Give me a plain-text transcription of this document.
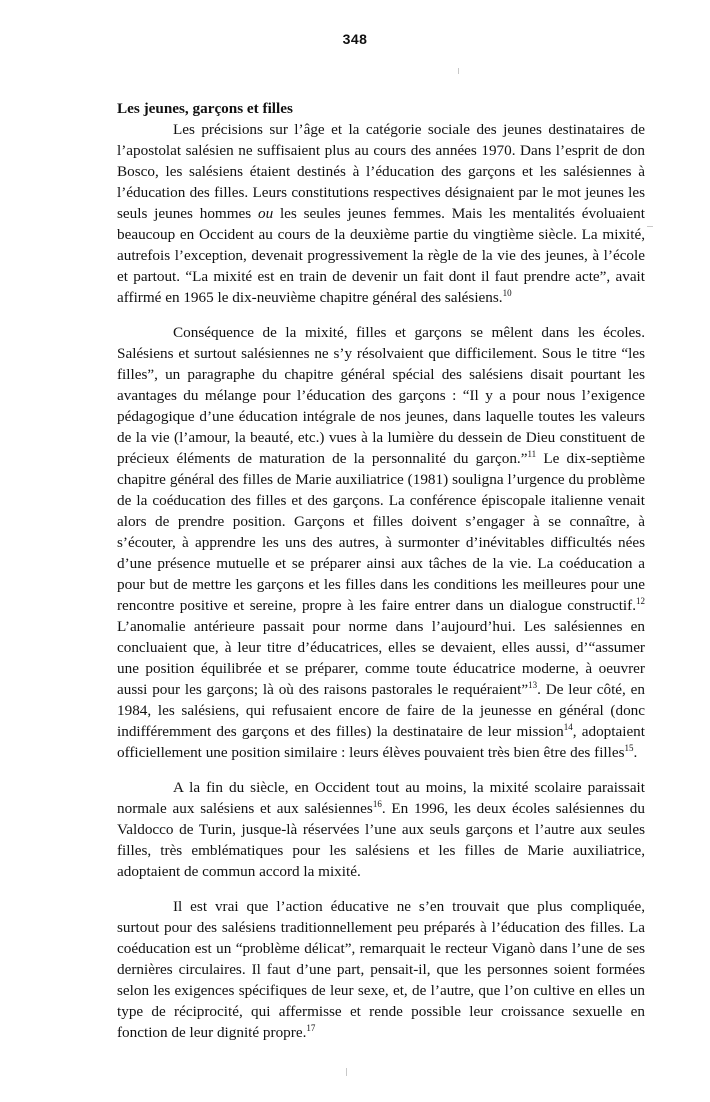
348

Les jeunes, garçons et filles

Les précisions sur l’âge et la catégorie sociale des jeunes destinataires de l’apostolat salésien ne suffisaient plus au cours des années 1970. Dans l’esprit de don Bosco, les salésiens étaient destinés à l’éducation des garçons et les salésiennes à l’éducation des filles. Leurs constitutions respectives désignaient par le mot jeunes les seuls jeunes hommes ou les seules jeunes femmes. Mais les mentalités évoluaient beaucoup en Occident au cours de la deuxième partie du vingtième siècle. La mixité, autrefois l’exception, devenait progressivement la règle de la vie des jeunes, à l’école et partout. “La mixité est en train de devenir un fait dont il faut prendre acte”, avait affirmé en 1965 le dix-neuvième chapitre général des salésiens.$^{10}$

Conséquence de la mixité, filles et garçons se mêlent dans les écoles. Salésiens et surtout salésiennes ne s’y résolvaient que difficilement. Sous le titre “les filles”, un paragraphe du chapitre général spécial des salésiens disait pourtant les avantages du mélange pour l’éducation des garçons : “Il y a pour nous l’exigence pédagogique d’une éducation intégrale de nos jeunes, dans laquelle toutes les valeurs de la vie (l’amour, la beauté, etc.) vues à la lumière du dessein de Dieu constituent de précieux éléments de maturation de la personnalité du garçon.”$^{11}$ Le dix-septième chapitre général des filles de Marie auxiliatrice (1981) souligna l’urgence du problème de la coéducation des filles et des garçons. La conférence épiscopale italienne venait alors de prendre position. Garçons et filles doivent s’engager à se connaître, à s’écouter, à apprendre les uns des autres, à surmonter d’inévitables difficultés nées d’une présence mutuelle et se préparer ainsi aux tâches de la vie. La coéducation a pour but de mettre les garçons et les filles dans les conditions les meilleures pour une rencontre positive et sereine, propre à les faire entrer dans un dialogue constructif.$^{12}$ L’anomalie antérieure passait pour norme dans l’aujourd’hui. Les salésiennes en concluaient que, à leur titre d’éducatrices, elles se devaient, elles aussi, d’“assumer une position équilibrée et se préparer, comme toute éducatrice moderne, à oeuvrer aussi pour les garçons; là où des raisons pastorales le requéraient”$^{13}$. De leur côté, en 1984, les salésiens, qui refusaient encore de faire de la jeunesse en général (donc indifféremment des garçons et des filles) la destinataire de leur mission$^{14}$, adoptaient officiellement une position similaire : leurs élèves pouvaient très bien être des filles$^{15}$.

A la fin du siècle, en Occident tout au moins, la mixité scolaire paraissait normale aux salésiens et aux salésiennes$^{16}$. En 1996, les deux écoles salésiennes du Valdocco de Turin, jusque-là réservées l’une aux seuls garçons et l’autre aux seules filles, très emblématiques pour les salésiens et les filles de Marie auxiliatrice, adoptaient de commun accord la mixité.

Il est vrai que l’action éducative ne s’en trouvait que plus compliquée, surtout pour des salésiens traditionnellement peu préparés à l’éducation des filles. La coéducation est un “problème délicat”, remarquait le recteur Viganò dans l’une de ses dernières circulaires. Il faut d’une part, pensait-il, que les personnes soient formées selon les exigences spécifiques de leur sexe, et, de l’autre, que l’on cultive en elles un type de réciprocité, qui affermisse et rende possible leur croissance sexuelle en fonction de leur dignité propre.$^{17}$
